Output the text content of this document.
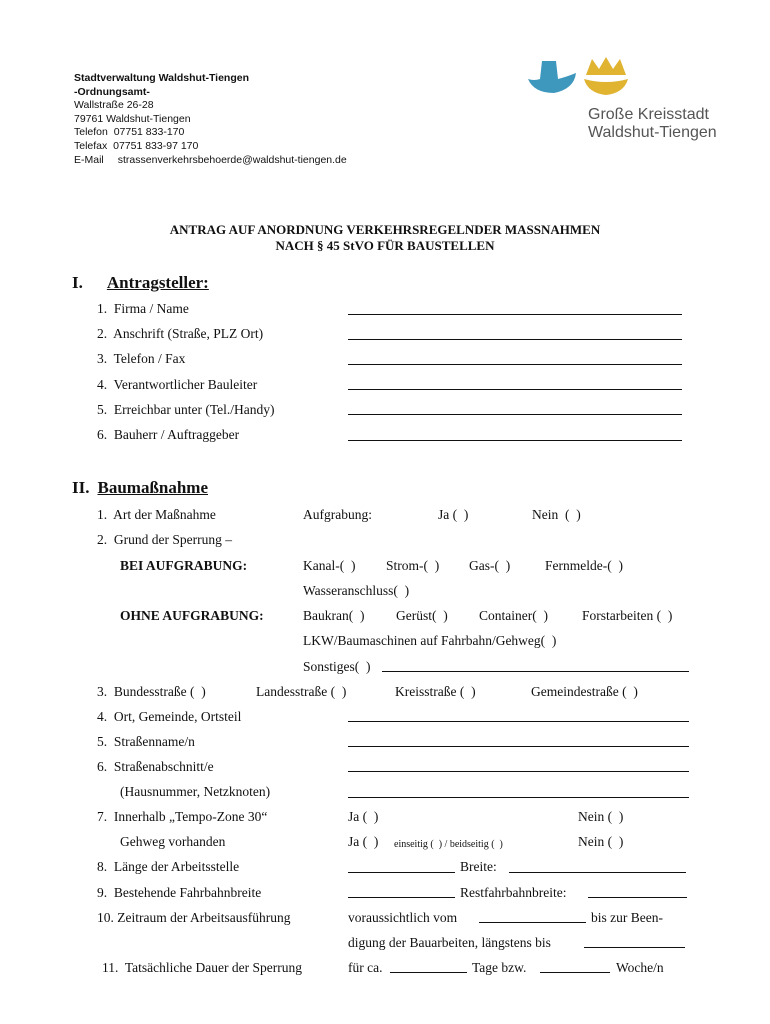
Stadtverwaltung Waldshut-Tiengen
-Ordnungsamt-
Wallstraße 26-28
79761 Waldshut-Tiengen
Telefon  07751 833-170
Telefax  07751 833-97 170
E-Mail strassenverkehrsbehoerde@waldshut-tiengen.de
Große Kreisstadt
Waldshut-Tiengen
ANTRAG AUF ANORDNUNG VERKEHRSREGELNDER MASSNAHMEN
NACH § 45 StVO FÜR BAUSTELLEN
I. Antragsteller:
1.  Firma / Name
2.  Anschrift (Straße, PLZ Ort)
3.  Telefon / Fax
4.  Verantwortlicher Bauleiter
5.  Erreichbar unter (Tel./Handy)
6.  Bauherr / Auftraggeber
II. Baumaßnahme
1.  Art der Maßnahme	Aufgrabung:	Ja (  )	Nein  (  )
2.  Grund der Sperrung –
BEI AUFGRABUNG:	Kanal-(  ) Strom-(  ) Gas-(  )	Fernmelde-(  )
Wasseranschluss(  )
OHNE AUFGRABUNG:	Baukran(  ) Gerüst(  ) Container(  )	Forstarbeiten (  )
LKW/Baumaschinen auf Fahrbahn/Gehweg(  )
Sonstiges(  )
3.  Bundesstraße (  )	Landesstraße (  )	Kreisstraße (  )	Gemeindestraße (  )
4.  Ort, Gemeinde, Ortsteil
5.  Straßenname/n
6.  Straßenabschnitt/e
(Hausnummer, Netzknoten)
7.  Innerhalb „Tempo-Zone 30“	Ja (  )	Nein (  )
Gehweg vorhanden	Ja (  ) einseitig (  ) / beidseitig (  )	Nein (  )
8.  Länge der Arbeitsstelle	Breite:
9.  Bestehende Fahrbahnbreite	Restfahrbahnbreite:
10. Zeitraum der Arbeitsausführung	voraussichtlich vom	bis zur Been-
digung der Bauarbeiten, längstens bis
11.  Tatsächliche Dauer der Sperrung	für ca.	Tage bzw.	Woche/n
